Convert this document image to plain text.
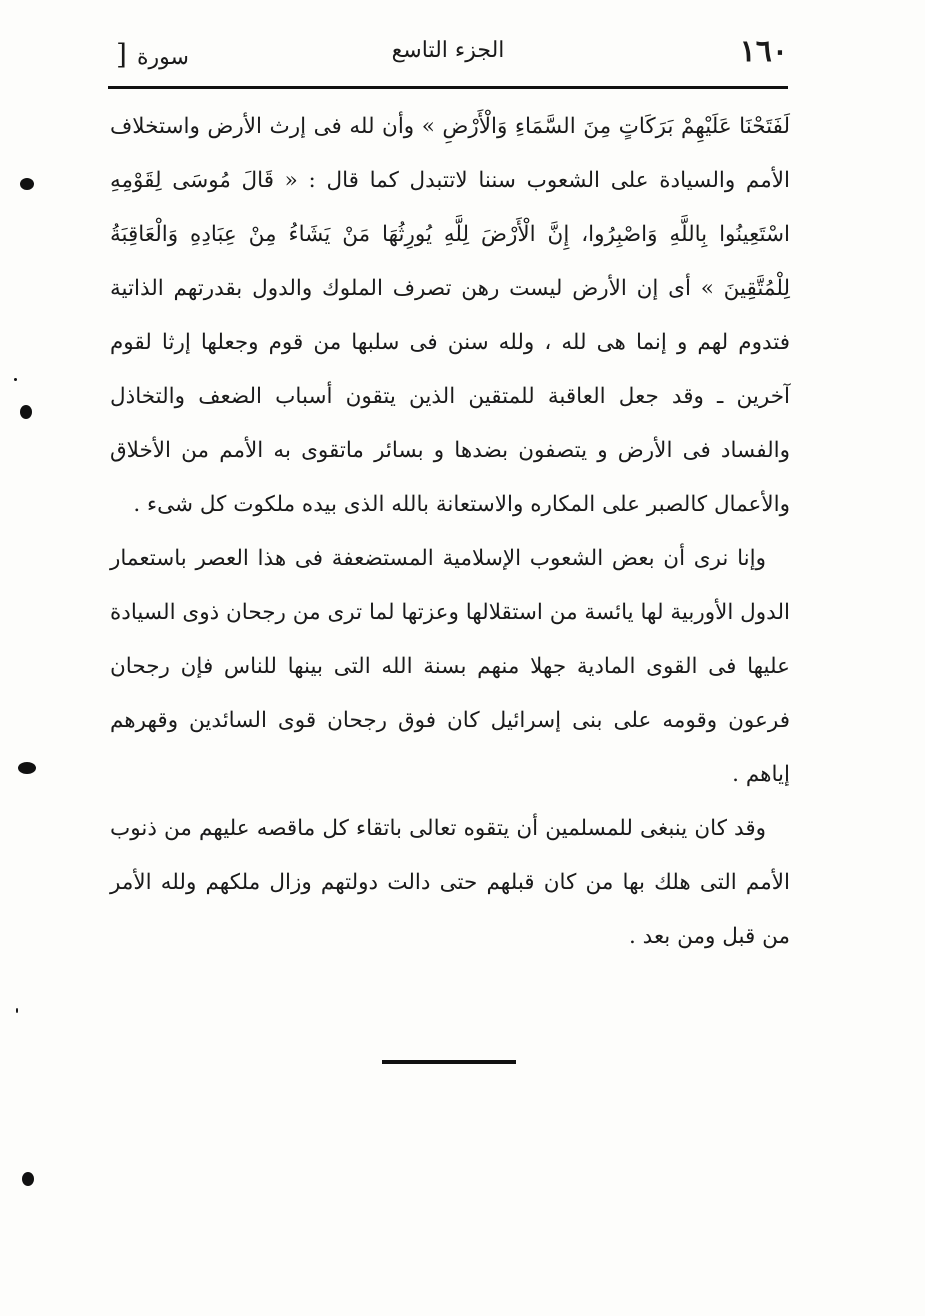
١٦٠
الجزء التاسع
سورة[

لَفَتَحْنَا عَلَيْهِمْ بَرَكَاتٍ مِنَ السَّمَاءِ وَالْأَرْضِ » وأن لله فى إرث الأرض واستخلاف الأمم والسيادة على الشعوب سننا لاتتبدل كما قال : « قَالَ مُوسَى لِقَوْمِهِ اسْتَعِينُوا بِاللَّهِ وَاصْبِرُوا، إِنَّ الْأَرْضَ لِلَّهِ يُورِثُهَا مَنْ يَشَاءُ مِنْ عِبَادِهِ وَالْعَاقِبَةُ لِلْمُتَّقِينَ » أى إن الأرض ليست رهن تصرف الملوك والدول بقدرتهم الذاتية فتدوم لهم و إنما هى لله ، ولله سنن فى سلبها من قوم وجعلها إرثا لقوم آخرين ـ وقد جعل العاقبة للمتقين الذين يتقون أسباب الضعف والتخاذل والفساد فى الأرض و يتصفون بضدها و بسائر ماتقوى به الأمم من الأخلاق والأعمال كالصبر على المكاره والاستعانة بالله الذى بيده ملكوت كل شىء .

وإنا نرى أن بعض الشعوب الإسلامية المستضعفة فى هذا العصر باستعمار الدول الأوربية لها يائسة من استقلالها وعزتها لما ترى من رجحان ذوى السيادة عليها فى القوى المادية جهلا منهم بسنة الله التى بينها للناس فإن رجحان فرعون وقومه على بنى إسرائيل كان فوق رجحان قوى السائدين وقهرهم إياهم .

وقد كان ينبغى للمسلمين أن يتقوه تعالى باتقاء كل ماقصه عليهم من ذنوب الأمم التى هلك بها من كان قبلهم حتى دالت دولتهم وزال ملكهم ولله الأمر من قبل ومن بعد .
